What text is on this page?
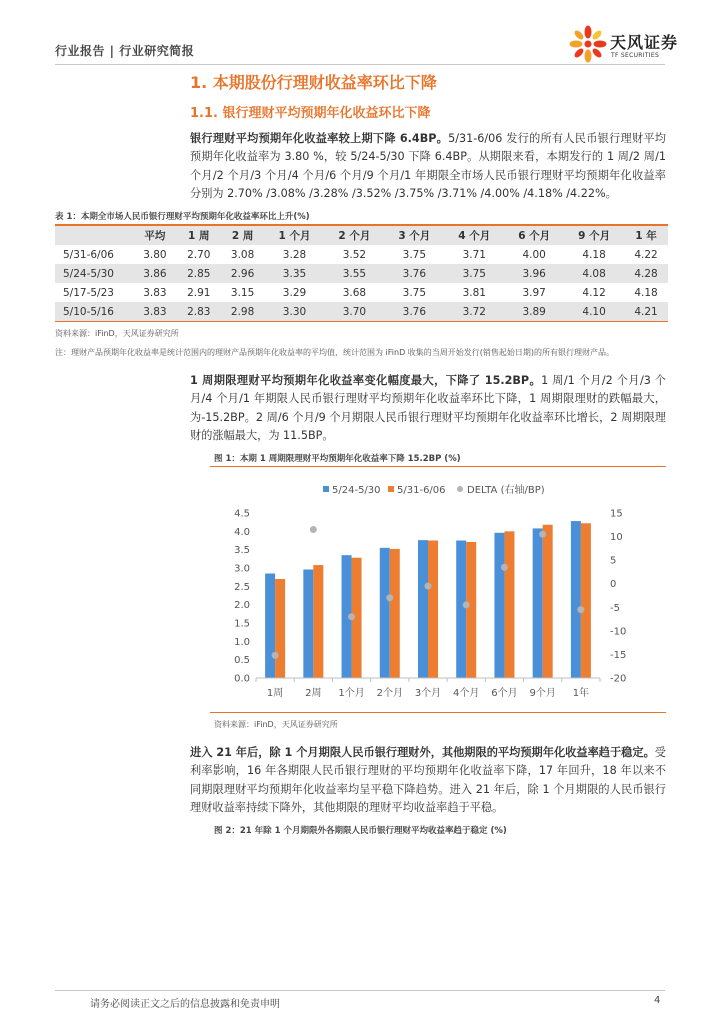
行业报告 | 行业研究简报	天风证券
TF SECURITIES
1. 本期股份行理财收益率环比下降
1.1. 银行理财平均预期年化收益环比下降
银行理财平均预期年化收益率较上期下降 6.4BP。5/31-6/06 发行的所有人民币银行理财平均预期年化收益率为 3.80 %，较 5/24-5/30 下降 6.4BP。从期限来看，本期发行的 1 周/2 周/1 个月/2 个月/3 个月/4 个月/6 个月/9 个月/1 年期限全市场人民币银行理财平均预期年化收益率分别为 2.70% /3.08% /3.28% /3.52% /3.75% /3.71% /4.00% /4.18% /4.22%。
表 1：本期全市场人民币银行理财平均预期年化收益率环比上升(%)
	平均	1 周	2 周	1 个月	2 个月	3 个月	4 个月	6 个月	9 个月	1 年
5/31-6/06	3.80	2.70	3.08	3.28	3.52	3.75	3.71	4.00	4.18	4.22
5/24-5/30	3.86	2.85	2.96	3.35	3.55	3.76	3.75	3.96	4.08	4.28
5/17-5/23	3.83	2.91	3.15	3.29	3.68	3.75	3.81	3.97	4.12	4.18
5/10-5/16	3.83	2.83	2.98	3.30	3.70	3.76	3.72	3.89	4.10	4.21
资料来源：iFinD，天风证券研究所
注：理财产品预期年化收益率是统计范围内的理财产品预期年化收益率的平均值，统计范围为 iFinD 收集的当周开始发行(销售起始日期)的所有银行理财产品。
1 周期限理财平均预期年化收益率变化幅度最大，下降了 15.2BP。1 周/1 个月/2 个月/3 个月/4 个月/1 年期限人民币银行理财平均预期年化收益率环比下降，1 周期限理财的跌幅最大，为-15.2BP。2 周/6 个月/9 个月期限人民币银行理财平均预期年化收益率环比增长，2 周期限理财的涨幅最大，为 11.5BP。
图 1：本期 1 周期限理财平均预期年化收益率下降 15.2BP (%)
5/24-5/30 5/31-6/06 DELTA (右轴/BP)
0.0
0.5
1.0
1.5
2.0
2.5
3.0
3.5
4.0
4.5
-20
-15
-10
-5
0
5
10
15
1周 2周 1个月 2个月 3个月 4个月 6个月 9个月 1年
资料来源：iFinD，天风证券研究所
进入 21 年后，除 1 个月期限人民币银行理财外，其他期限的平均预期年化收益率趋于稳定。受利率影响，16 年各期限人民币银行理财的平均预期年化收益率下降，17 年回升，18 年以来不同期限理财平均预期年化收益率均呈平稳下降趋势。进入 21 年后，除 1 个月期限的人民币银行理财收益率持续下降外，其他期限的理财平均收益率趋于平稳。
图 2：21 年除 1 个月期限外各期限人民币银行理财平均收益率趋于稳定 (%)
请务必阅读正文之后的信息披露和免责申明	4
